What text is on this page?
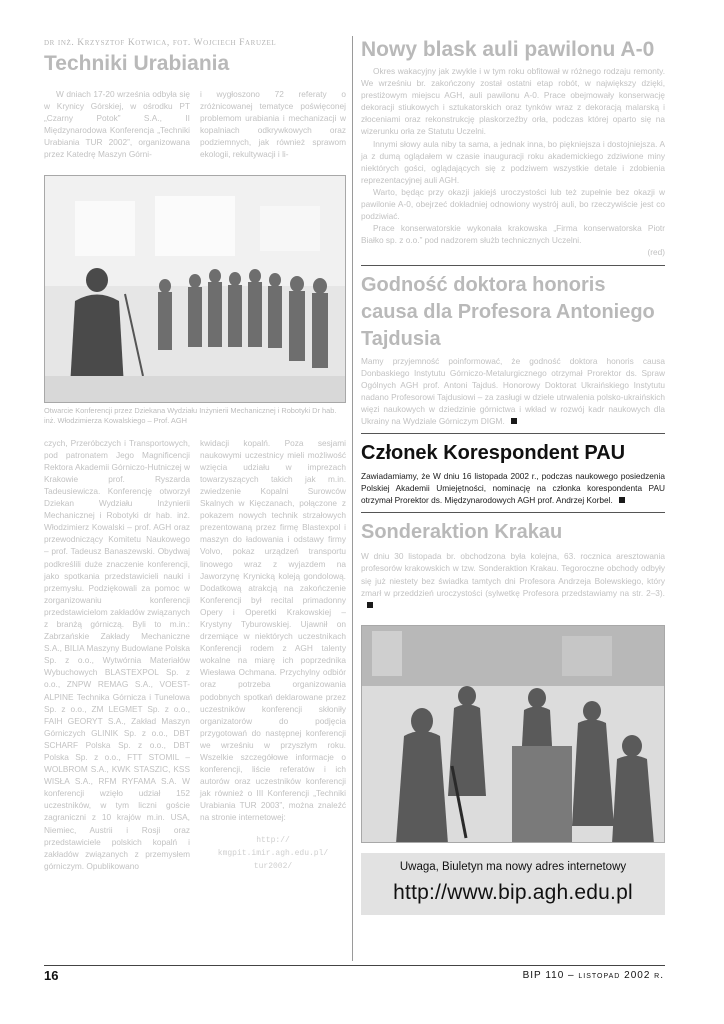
dr inż. Krzysztof Kotwica, fot. Wojciech Faruzel
Techniki Urabiania

W dniach 17-20 września odbyła się w Krynicy Górskiej, w ośrodku PT „Czarny Potok” S.A., II Międzynarodowa Konferencja „Techniki Urabiania TUR 2002”, organizowana przez Katedrę Maszyn Górni-

i wygłoszono 72 referaty o zróżnicowanej tematyce poświęconej problemom urabiania i mechanizacji w kopalniach odkrywkowych oraz podziemnych, jak również sprawom ekologii, rekultywacji i li-

Otwarcie Konferencji przez Dziekana Wydziału Inżynierii Mechanicznej i Robotyki Dr hab. inż. Włodzimierza Kowalskiego – Prof. AGH

czych, Przeróbczych i Transportowych, pod patronatem Jego Magnificencji Rektora Akademii Górniczo-Hutniczej w Krakowie prof. Ryszarda Tadeusiewicza. Konferencję otworzył Dziekan Wydziału Inżynierii Mechanicznej i Robotyki dr hab. inż. Włodzimierz Kowalski – prof. AGH oraz przewodniczący Komitetu Naukowego – prof. Tadeusz Banaszewski. Obydwaj podkreślili duże znaczenie konferencji, jako spotkania przedstawicieli nauki i przemysłu. Podziękowali za pomoc w zorganizowaniu konferencji przedstawicielom zakładów związanych z branżą górniczą. Byli to m.in.: Zabrzańskie Zakłady Mechaniczne S.A., BILIA Maszyny Budowlane Polska Sp. z o.o., Wytwórnia Materiałów Wybuchowych BLASTEXPOL Sp. z o.o., ZNPW REMAG S.A., VOEST-ALPINE Technika Górnicza i Tunelowa Sp. z o.o., ZM LEGMET Sp. z o.o., FAIH GEORYT S.A., Zakład Maszyn Górniczych GLINIK Sp. z o.o., DBT SCHARF Polska Sp. z o.o., DBT Polska Sp. z o.o., FTT STOMIL – WOLBROM S.A., KWK STASZIC, KSS WISŁA S.A., RFM RYFAMA S.A. W konferencji wzięło udział 152 uczestników, w tym liczni goście zagraniczni z 10 krajów m.in. USA, Niemiec, Austrii i Rosji oraz przedstawiciele polskich kopalń i zakładów związanych z przemysłem górniczym. Opublikowano

kwidacji kopalń. Poza sesjami naukowymi uczestnicy mieli możliwość wzięcia udziału w imprezach towarzyszących takich jak m.in. zwiedzenie Kopalni Surowców Skalnych w Kięczanach, połączone z pokazem nowych technik strzałowych prezentowaną przez firmę Blastexpol i maszyn do ładowania i odstawy firmy Volvo, pokaz urządzeń transportu linowego wraz z wyjazdem na Jaworzynę Krynicką koleją gondolową. Dodatkową atrakcją na zakończenie Konferencji był recital primadonny Opery i Operetki Krakowskiej – Krystyny Tyburowskiej. Ujawnił on drzemiące w niektórych uczestnikach Konferencji rodem z AGH talenty wokalne na miarę ich poprzednika Wiesława Ochmana. Przychylny odbiór oraz potrzeba organizowania podobnych spotkań deklarowane przez uczestników konferencji skłoniły organizatorów do podjęcia przygotowań do następnej konferencji we wrześniu w przyszłym roku. Wszelkie szczegółowe informacje o konferencji, liście referatów i ich autorów oraz uczestników konferencji jak również o III Konferencji „Techniki Urabiania TUR 2003”, można znaleźć na stronie internetowej:

http://
kmgpit.imir.agh.edu.pl/
tur2002/
Nowy blask auli pawilonu A-0

Okres wakacyjny jak zwykle i w tym roku obfitował w różnego rodzaju remonty. We wrześniu br. zakończony został ostatni etap robót, w największy dzięki, prestiżowym miejscu AGH, auli pawilonu A-0. Prace obejmowały konserwację dekoracji stiukowych i sztukatorskich oraz tynków wraz z dekoracją malarską i złoceniami oraz rekonstrukcję plaskorzeźby orła, podczas której oparto się na wizerunku orła ze Statutu Uczelni.

Innymi słowy aula niby ta sama, a jednak inna, bo piękniejsza i dostojniejsza. A ja z dumą oglądałem w czasie inauguracji roku akademickiego zdziwione miny niektórych gości, oglądających się z podziwem wszystkie detale i zdobienia reprezentacyjnej auli AGH.

Warto, będąc przy okazji jakiejś uroczystości lub też zupełnie bez okazji w pawilonie A-0, obejrzeć dokładniej odnowiony wystrój auli, bo rzeczywiście jest co podziwiać.

Prace konserwatorskie wykonała krakowska „Firma konserwatorska Piotr Białko sp. z o.o.” pod nadzorem służb technicznych Uczelni.

(red)
Godność doktora honoris causa dla Profesora Antoniego Tajdusia
Mamy przyjemność poinformować, że godność doktora honoris causa Donbaskiego Instytutu Górniczo-Metalurgicznego otrzymał Prorektor ds. Spraw Ogólnych AGH prof. Antoni Tajduś. Honorowy Doktorat Ukraińskiego Instytutu nadano Profesorowi Tajdusiowi – za zasługi w dziele utrwalenia polsko-ukraińskich więzi naukowych w dziedzinie górnictwa i wkład w rozwój kadr naukowych dla Ukrainy na Wydziale Górniczym DIGM.
Członek Korespondent PAU
Zawiadamiamy, że W dniu 16 listopada 2002 r., podczas naukowego posiedzenia Polskiej Akademii Umiejętności, nominację na członka korespondenta PAU otrzymał Prorektor ds. Międzynarodowych AGH prof. Andrzej Korbel.
Sonderaktion Krakau
W dniu 30 listopada br. obchodzona była kolejna, 63. rocznica aresztowania profesorów krakowskich w tzw. Sonderaktion Krakau. Tegoroczne obchody odbyły się już niestety bez świadka tamtych dni Profesora Andrzeja Bolewskiego, który zmarł w przeddzień uroczystości (sylwetkę Profesora przedstawiamy na str. 2–3).
Uwaga, Biuletyn ma nowy adres internetowy
http://www.bip.agh.edu.pl
16	BIP 110 – listopad 2002 r.
